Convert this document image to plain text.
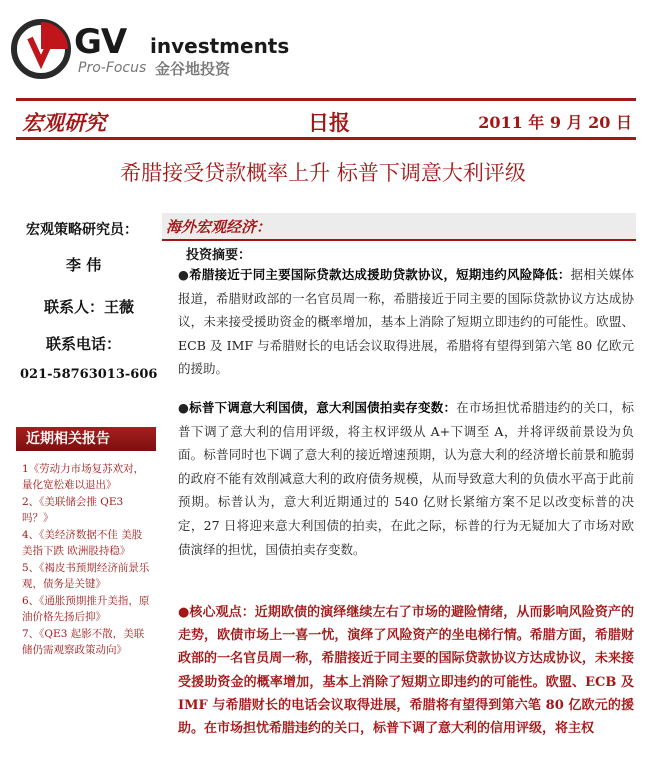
GV investments
Pro-Focus 金谷地投资
宏观研究	日报	2011 年 9 月 20 日
希腊接受贷款概率上升 标普下调意大利评级
宏观策略研究员：
李 伟
联系人：王薇
联系电话：
021-58763013-606
近期相关报告
1《劳动力市场复苏欢对，量化宽松难以退出》
2、《美联储会推 QE3 吗？》
4、《美经济数据不佳 美股美指下跌 欧洲股持稳》
5、《褐皮书预期经济前景乐观，债务是关键》
6、《通胀预期推升美指，原油价格先扬后抑》
7、《QE3 起影不散，美联储仍需观察政策动向》
海外宏观经济：
投资摘要：
●希腊接近于同主要国际贷款达成援助贷款协议，短期违约风险降低：据相关媒体报道，希腊财政部的一名官员周一称，希腊接近于同主要的国际贷款协议方达成协议，未来接受援助资金的概率增加，基本上消除了短期立即违约的可能性。欧盟、ECB 及 IMF 与希腊财长的电话会议取得进展，希腊将有望得到第六笔 80 亿欧元的援助。
●标普下调意大利国债，意大利国债拍卖存变数：在市场担忧希腊违约的关口，标普下调了意大利的信用评级，将主权评级从 A+下调至 A，并将评级前景设为负面。标普同时也下调了意大利的接近增速预期，认为意大利的经济增长前景和脆弱的政府不能有效削减意大利的政府债务规模，从而导致意大利的负债水平高于此前预期。标普认为，意大利近期通过的 540 亿财长紧缩方案不足以改变标普的决定，27 日将迎来意大利国债的拍卖，在此之际，标普的行为无疑加大了市场对欧债演绎的担忧，国债拍卖存变数。
●核心观点：近期欧债的演绎继续左右了市场的避险情绪，从而影响风险资产的走势，欧债市场上一喜一忧，演绎了风险资产的坐电梯行情。希腊方面，希腊财政部的一名官员周一称，希腊接近于同主要的国际贷款协议方达成协议，未来接受援助资金的概率增加，基本上消除了短期立即违约的可能性。欧盟、ECB 及 IMF 与希腊财长的电话会议取得进展，希腊将有望得到第六笔 80 亿欧元的援助。在市场担忧希腊违约的关口，标普下调了意大利的信用评级，将主权
